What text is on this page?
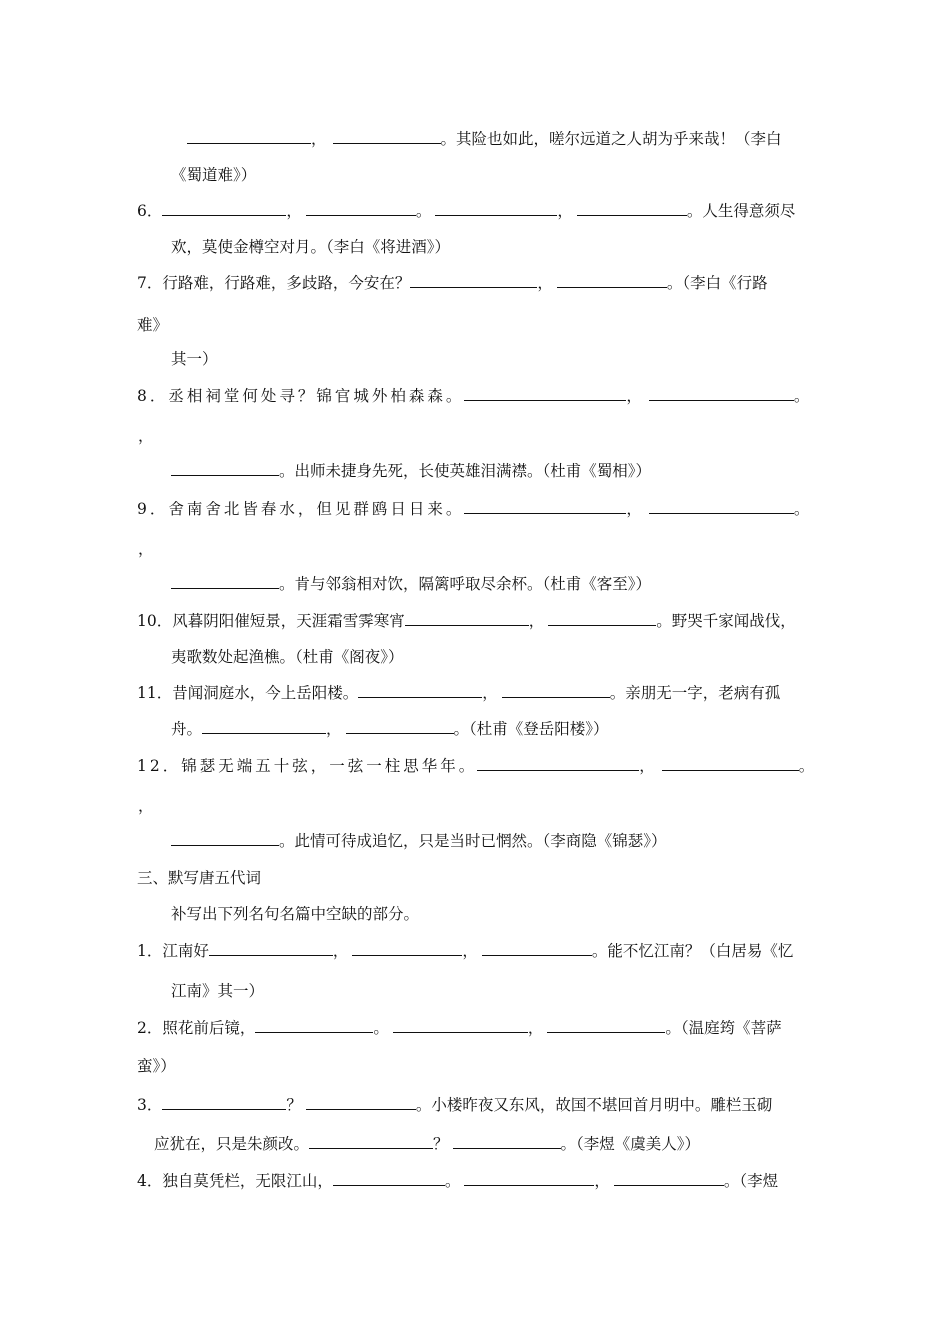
，	。其险也如此，嗟尔远道之人胡为乎来哉！（李白
《蜀道难》）
6．	，	。	，	。人生得意须尽
欢，莫使金樽空对月。（李白《将进酒》）
7．行路难，行路难，多歧路，今安在？	，	。（李白《行路
难》
其一）
8．丞相祠堂何处寻？锦官城外柏森森。	，	。
，
。出师未捷身先死，长使英雄泪满襟。（杜甫《蜀相》）
9．舍南舍北皆春水，但见群鸥日日来。	，	。
，
。肯与邻翁相对饮，隔篱呼取尽余杯。（杜甫《客至》）
10．风暮阴阳催短景，天涯霜雪霁寒宵	，	。野哭千家闻战伐，
夷歌数处起渔樵。（杜甫《阁夜》）
11．昔闻洞庭水，今上岳阳楼。	，	。亲朋无一字，老病有孤
舟。	，	。（杜甫《登岳阳楼》）
12．锦瑟无端五十弦，一弦一柱思华年。	，	。
，
。此情可待成追忆，只是当时已惘然。（李商隐《锦瑟》）
三、默写唐五代词
补写出下列名句名篇中空缺的部分。
1．江南好	，	，	。能不忆江南？（白居易《忆
江南》其一）
2．照花前后镜，	。	，	。（温庭筠《菩萨
蛮》）
3．	？	。小楼昨夜又东风，故国不堪回首月明中。雕栏玉砌
应犹在，只是朱颜改。	？	。（李煜《虞美人》）
4．独自莫凭栏，无限江山，	。	，	。（李煜
